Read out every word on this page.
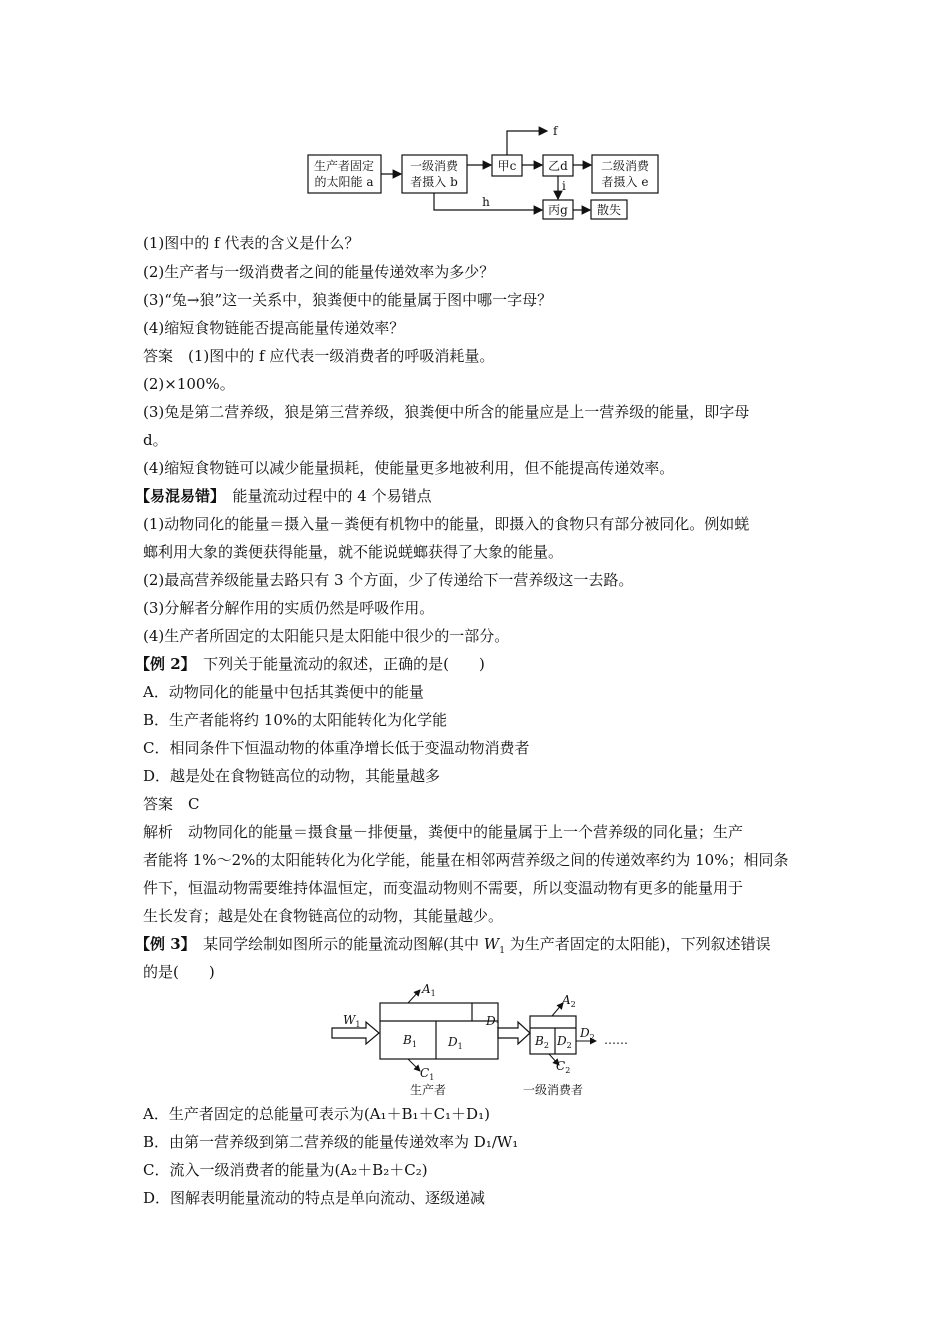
生产者固定
的太阳能 a
一级消费
者摄入 b
甲c	乙d	二级消费
者摄入 e
丙g 散失
f
h
i
(1)图中的 f 代表的含义是什么？
(2)生产者与一级消费者之间的能量传递效率为多少？
(3)“兔→狼”这一关系中，狼粪便中的能量属于图中哪一字母？
(4)缩短食物链能否提高能量传递效率？
答案　(1)图中的 f 应代表一级消费者的呼吸消耗量。
(2)×100%。
(3)兔是第二营养级，狼是第三营养级，狼粪便中所含的能量应是上一营养级的能量，即字母
d。
(4)缩短食物链可以减少能量损耗，使能量更多地被利用，但不能提高传递效率。
【易混易错】　能量流动过程中的 4 个易错点
(1)动物同化的能量＝摄入量－粪便有机物中的能量，即摄入的食物只有部分被同化。例如蜣
螂利用大象的粪便获得能量，就不能说蜣螂获得了大象的能量。
(2)最高营养级能量去路只有 3 个方面，少了传递给下一营养级这一去路。
(3)分解者分解作用的实质仍然是呼吸作用。
(4)生产者所固定的太阳能只是太阳能中很少的一部分。
【例 2】　下列关于能量流动的叙述，正确的是(　　)
A．动物同化的能量中包括其粪便中的能量
B．生产者能将约 10%的太阳能转化为化学能
C．相同条件下恒温动物的体重净增长低于变温动物消费者
D．越是处在食物链高位的动物，其能量越多
答案　C
解析　动物同化的能量＝摄食量－排便量，粪便中的能量属于上一个营养级的同化量；生产
者能将 1%～2%的太阳能转化为化学能，能量在相邻两营养级之间的传递效率约为 10%；相同条
件下，恒温动物需要维持体温恒定，而变温动物则不需要，所以变温动物有更多的能量用于
生长发育；越是处在食物链高位的动物，其能量越少。
【例 3】　某同学绘制如图所示的能量流动图解(其中 $W_1$ 为生产者固定的太阳能)，下列叙述错误
的是(　　)
$W_1$
$A_1$
$B_1$	$D_1$
$C_1$
$D_1$
$A_2$
$B_2$ $D_2$
$C_2$
$D_2$ ……
生产者	一级消费者
A．生产者固定的总能量可表示为(A₁＋B₁＋C₁＋D₁)
B．由第一营养级到第二营养级的能量传递效率为 D₁/W₁
C．流入一级消费者的能量为(A₂＋B₂＋C₂)
D．图解表明能量流动的特点是单向流动、逐级递减
